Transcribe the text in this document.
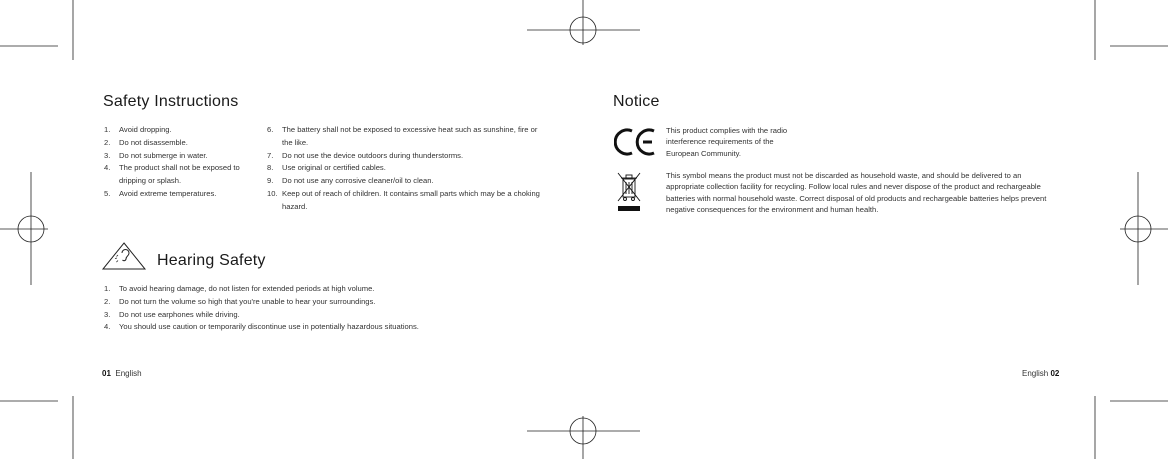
Safety Instructions
1.	Avoid dropping.
2.	Do not disassemble.
3.	Do not submerge in water.
4.	The product shall not be exposed to dripping or splash.
5.	Avoid extreme temperatures.
6.	The battery shall not be exposed to excessive heat such as sunshine, fire or the like.
7.	Do not use the device outdoors during thunderstorms.
8.	Use original or certified cables.
9.	Do not use any corrosive cleaner/oil to clean.
10. Keep out of reach of children. It contains small parts which may be a choking hazard.
Hearing Safety
1.	To avoid hearing damage, do not listen for extended periods at high volume.
2.	Do not turn the volume so high that you're unable to hear your surroundings.
3.	Do not use earphones while driving.
4.	You should use caution or temporarily discontinue use in potentially hazardous situations.
01 English
Notice
This product complies with the radio interference requirements of the European Community.
This symbol means the product must not be discarded as household waste, and should be delivered to an appropriate collection facility for recycling. Follow local rules and never dispose of the product and rechargeable batteries with normal household waste. Correct disposal of old products and rechargeable batteries helps prevent negative consequences for the environment and human health.
English 02
